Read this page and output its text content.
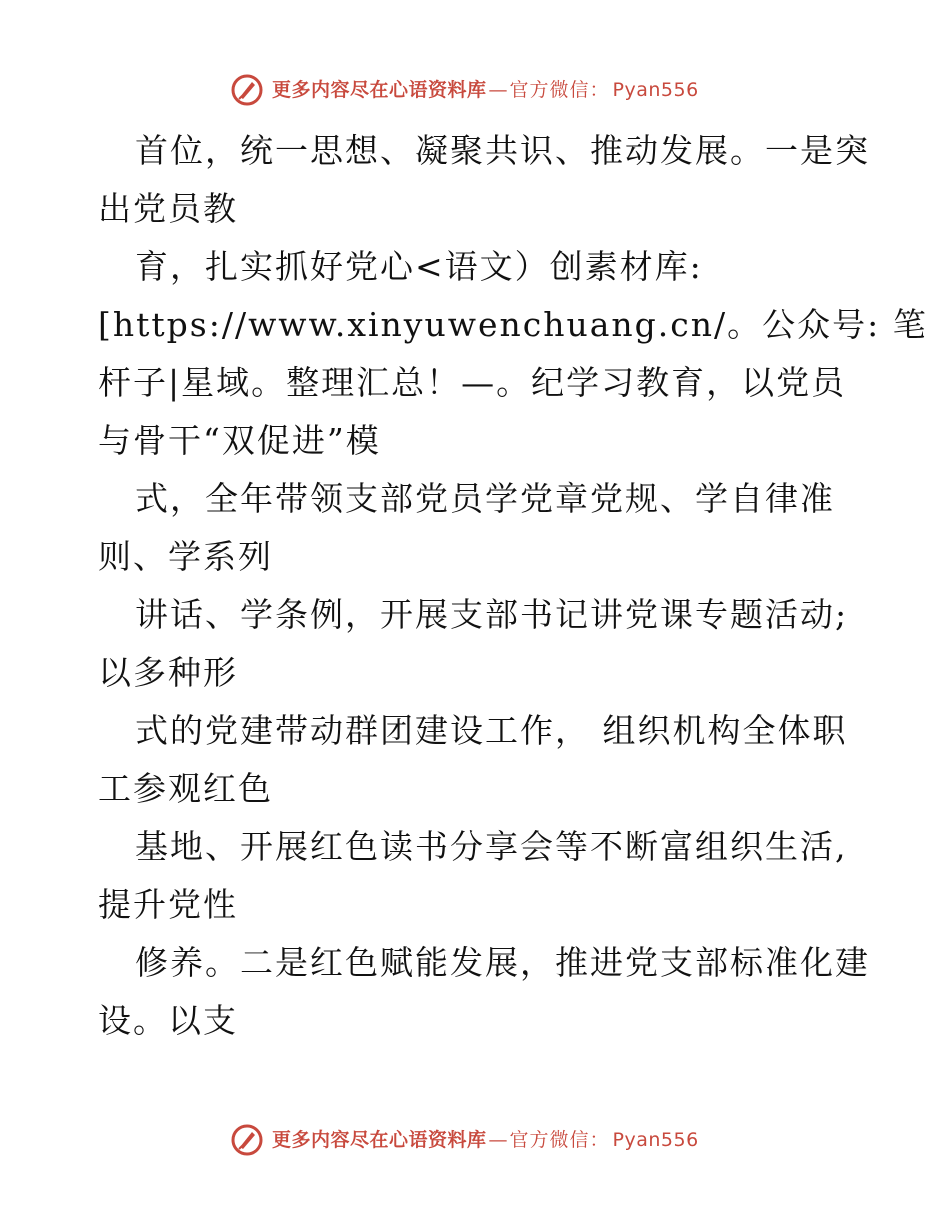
更多内容尽在心语资料库 — 官方微信 ： Pyan556
首位，统一思想、凝聚共识、推动发展。一是突
出党员教
育，扎实抓好党心<语文）创素材库:
[https://www.xinyuwenchuang.cn/。公众号: 笔
杆子|星域。整理汇总！—。纪学习教育，以党员
与骨干“双促进”模
式，全年带领支部党员学党章党规、学自律准
则、学系列
讲话、学条例，开展支部书记讲党课专题活动;
以多种形
式的党建带动群团建设工作， 组织机构全体职
工参观红色
基地、开展红色读书分享会等不断富组织生活,
提升党性
修养。二是红色赋能发展，推进党支部标准化建
设。以支
更多内容尽在心语资料库 — 官方微信 ： Pyan556
